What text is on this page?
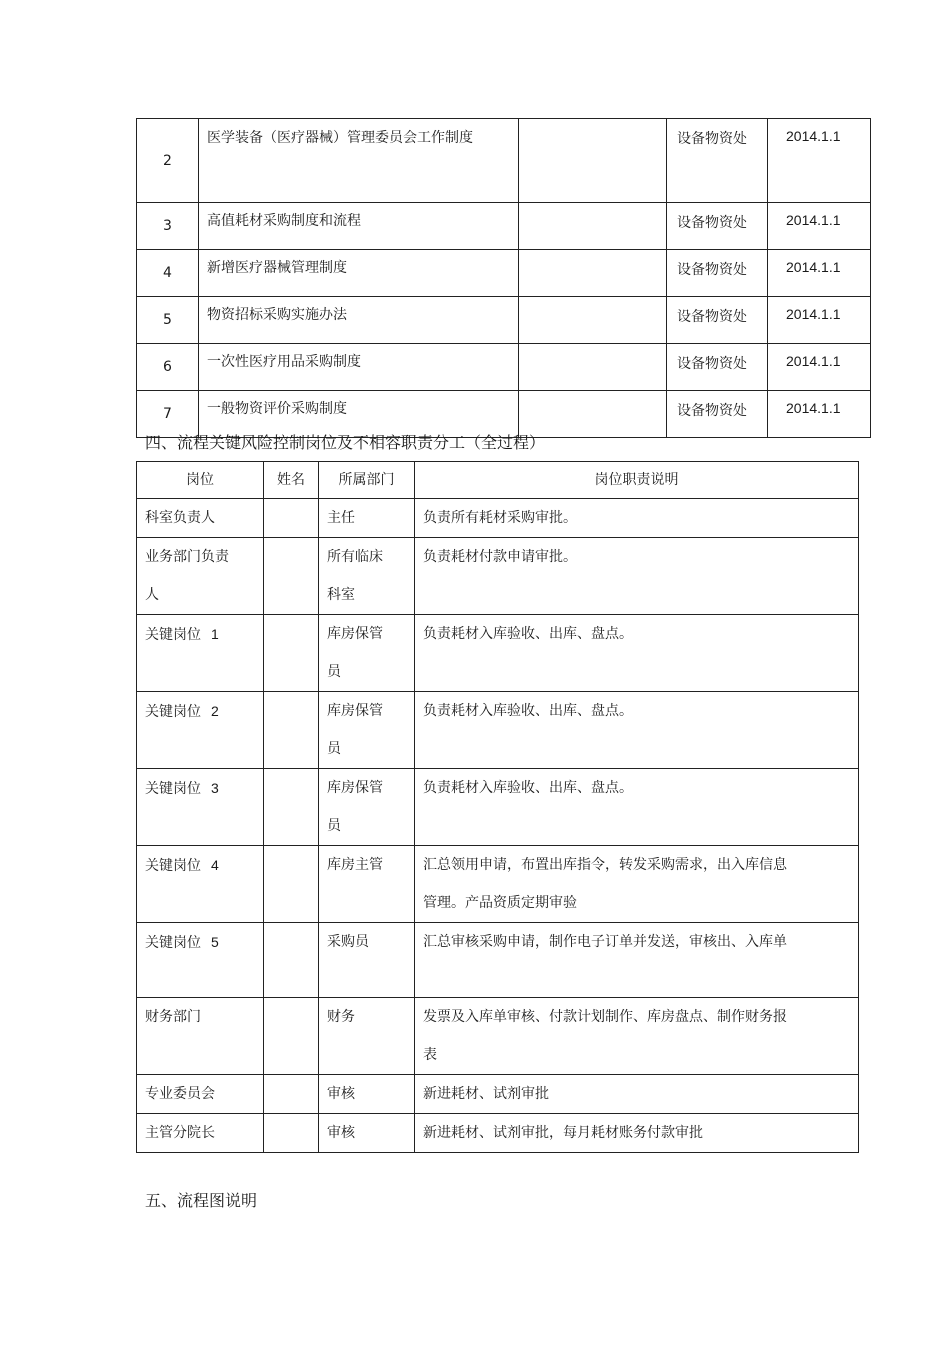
2	医学装备（医疗器械）管理委员会工作制度		设备物资处	2014.1.1
3	高值耗材采购制度和流程		设备物资处	2014.1.1
4	新增医疗器械管理制度		设备物资处	2014.1.1
5	物资招标采购实施办法		设备物资处	2014.1.1
6	一次性医疗用品采购制度		设备物资处	2014.1.1
7	一般物资评价采购制度		设备物资处	2014.1.1
四、流程关键风险控制岗位及不相容职责分工（全过程）
岗位	姓名	所属部门	岗位职责说明
科室负责人		主任	负责所有耗材采购审批。

业务部门负责人		所有临床科室	负责耗材付款申请审批。
关键岗位 1		库房保管员	负责耗材入库验收、出库、盘点。
关键岗位 2		库房保管员	负责耗材入库验收、出库、盘点。
关键岗位 3		库房保管员	负责耗材入库验收、出库、盘点。
关键岗位 4		库房主管	汇总领用申请，布置出库指令，转发采购需求，出入库信息管理。产品资质定期审验

关键岗位 5		采购员	汇总审核采购申请，制作电子订单并发送，审核出、入库单

财务部门		财务	发票及入库单审核、付款计划制作、库房盘点、制作财务报表

专业委员会		审核	新进耗材、试剂审批
主管分院长		审核	新进耗材、试剂审批，每月耗材账务付款审批
五、流程图说明
